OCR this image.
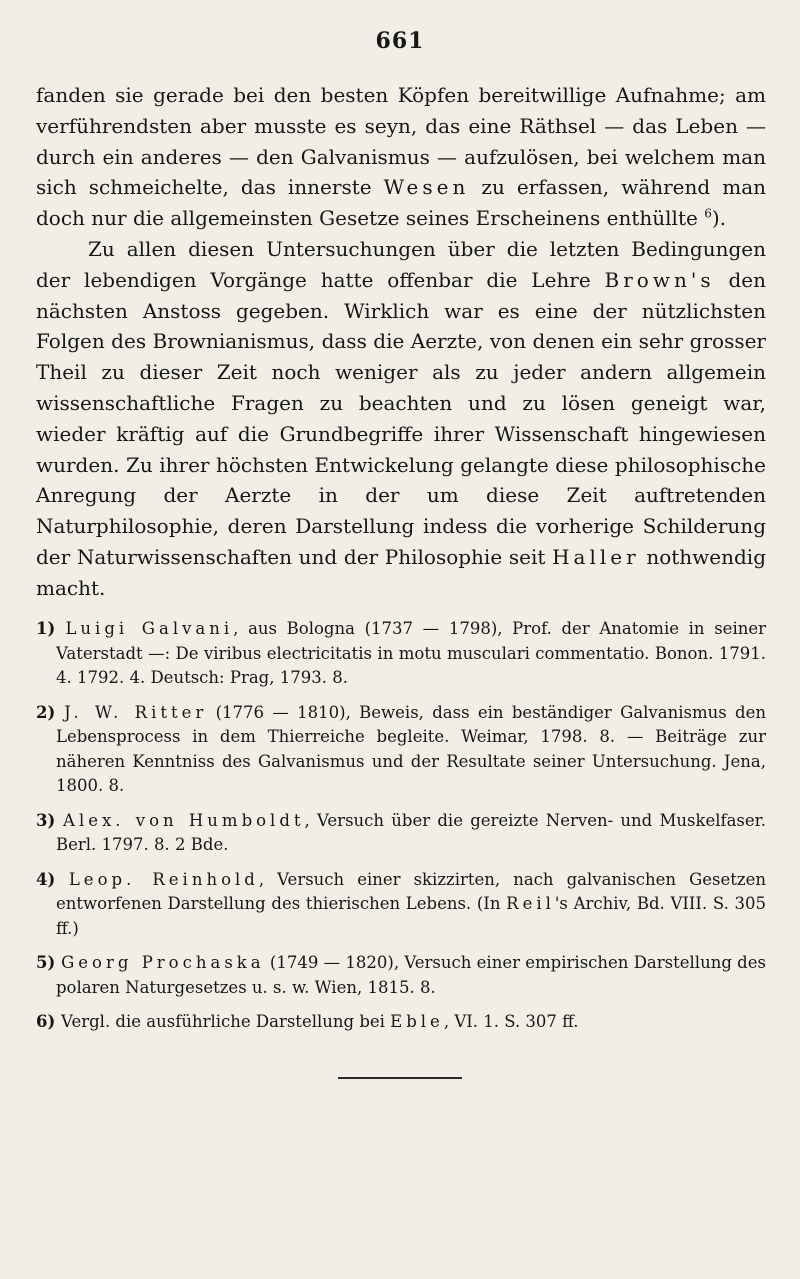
661

fanden sie gerade bei den besten Köpfen bereitwillige Aufnahme; am verführendsten aber musste es seyn, das eine Räthsel — das Leben — durch ein anderes — den Galvanismus — aufzulösen, bei welchem man sich schmeichelte, das innerste Wesen zu erfassen, während man doch nur die allgemeinsten Gesetze seines Erscheinens enthüllte $^6$).

Zu allen diesen Untersuchungen über die letzten Bedingungen der lebendigen Vorgänge hatte offenbar die Lehre Brown's den nächsten Anstoss gegeben. Wirklich war es eine der nützlichsten Folgen des Brownianismus, dass die Aerzte, von denen ein sehr grosser Theil zu dieser Zeit noch weniger als zu jeder andern allgemein wissenschaftliche Fragen zu beachten und zu lösen geneigt war, wieder kräftig auf die Grundbegriffe ihrer Wissenschaft hingewiesen wurden. Zu ihrer höchsten Entwickelung gelangte diese philosophische Anregung der Aerzte in der um diese Zeit auftretenden Naturphilosophie, deren Darstellung indess die vorherige Schilderung der Naturwissenschaften und der Philosophie seit Haller nothwendig macht.

1) Luigi Galvani, aus Bologna (1737 — 1798), Prof. der Anatomie in seiner Vaterstadt —: De viribus electricitatis in motu musculari commentatio. Bonon. 1791. 4. 1792. 4. Deutsch: Prag, 1793. 8.

2) J. W. Ritter (1776 — 1810), Beweis, dass ein beständiger Galvanismus den Lebensprocess in dem Thierreiche begleite. Weimar, 1798. 8. — Beiträge zur näheren Kenntniss des Galvanismus und der Resultate seiner Untersuchung. Jena, 1800. 8.

3) Alex. von Humboldt, Versuch über die gereizte Nerven- und Muskelfaser. Berl. 1797. 8. 2 Bde.

4) Leop. Reinhold, Versuch einer skizzirten, nach galvanischen Gesetzen entworfenen Darstellung des thierischen Lebens. (In Reil's Archiv, Bd. VIII. S. 305 ff.)

5) Georg Prochaska (1749 — 1820), Versuch einer empirischen Darstellung des polaren Naturgesetzes u. s. w. Wien, 1815. 8.

6) Vergl. die ausführliche Darstellung bei Eble, VI. 1. S. 307 ff.
